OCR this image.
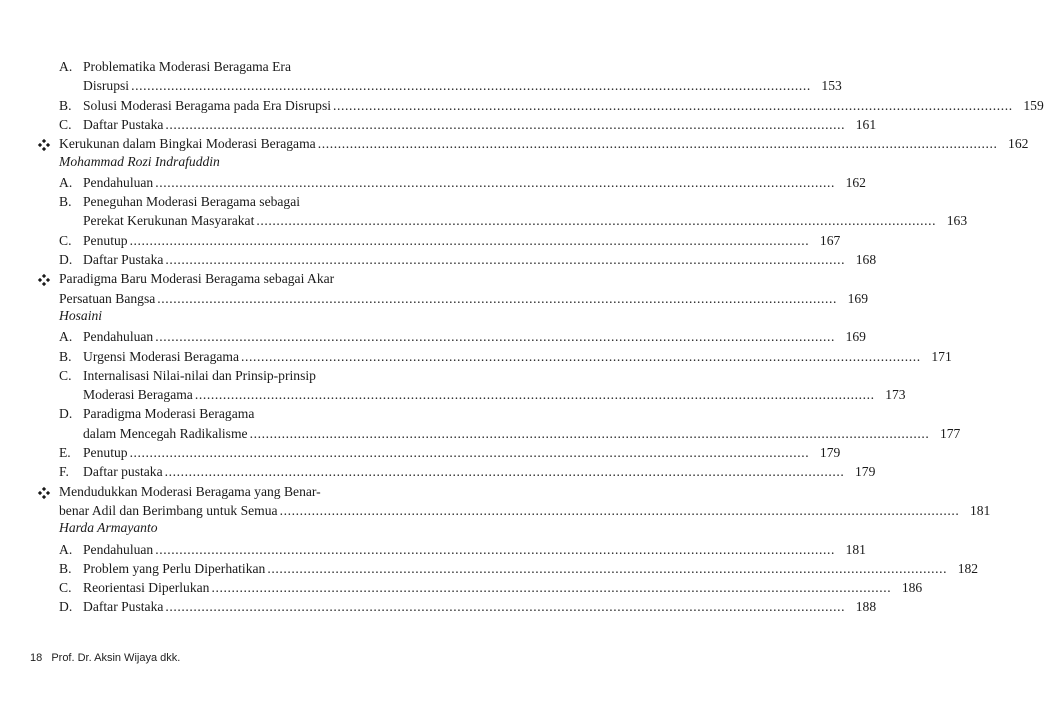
A. Problematika Moderasi Beragama Era
Disrupsi .....	153
B. Solusi Moderasi Beragama pada Era Disrupsi .....	159
C. Daftar Pustaka .....	161
Kerukunan dalam Bingkai Moderasi Beragama .....	162
Mohammad Rozi Indrafuddin
A. Pendahuluan .....	162
B. Peneguhan Moderasi Beragama sebagai
Perekat Kerukunan Masyarakat .....	163
C. Penutup .....	167
D. Daftar Pustaka .....	168
Paradigma Baru Moderasi Beragama sebagai Akar
Persatuan Bangsa .....	169
Hosaini
A. Pendahuluan .....	169
B. Urgensi Moderasi Beragama .....	171
C. Internalisasi Nilai-nilai dan Prinsip-prinsip
Moderasi Beragama .....	173
D. Paradigma Moderasi Beragama
dalam Mencegah Radikalisme .....	177
E. Penutup .....	179
F. Daftar pustaka .....	179
Mendudukkan Moderasi Beragama yang Benar-
benar Adil dan Berimbang untuk Semua .....	181
Harda Armayanto
A. Pendahuluan .....	181
B. Problem yang Perlu Diperhatikan .....	182
C. Reorientasi Diperlukan .....	186
D. Daftar Pustaka .....	188
18 Prof. Dr. Aksin Wijaya dkk.
